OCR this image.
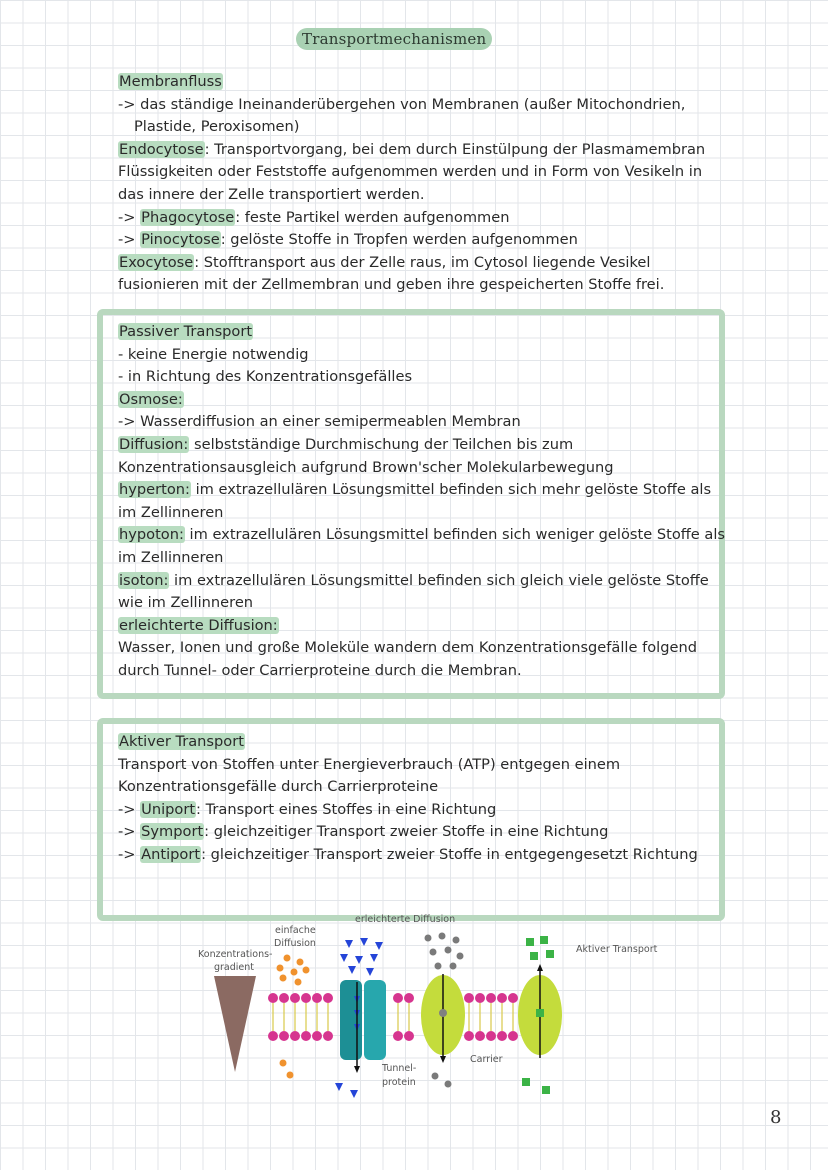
Transportmechanismen
Membranfluss
-> das ständige Ineinanderübergehen von Membranen (außer Mitochondrien,
Plastide, Peroxisomen)
Endocytose: Transportvorgang, bei dem durch Einstülpung der Plasmamembran
Flüssigkeiten oder Feststoffe aufgenommen werden und in Form von Vesikeln in
das innere der Zelle transportiert werden.
-> Phagocytose: feste Partikel werden aufgenommen
-> Pinocytose: gelöste Stoffe in Tropfen werden aufgenommen
Exocytose: Stofftransport aus der Zelle raus, im Cytosol liegende Vesikel
fusionieren mit der Zellmembran und geben ihre gespeicherten Stoffe frei.
Passiver Transport
- keine Energie notwendig
- in Richtung des Konzentrationsgefälles
Osmose:
-> Wasserdiffusion an einer semipermeablen Membran
Diffusion: selbstständige Durchmischung der Teilchen bis zum
Konzentrationsausgleich aufgrund Brown'scher Molekularbewegung
hyperton: im extrazellulären Lösungsmittel befinden sich mehr gelöste Stoffe als
im Zellinneren
hypoton: im extrazellulären Lösungsmittel befinden sich weniger gelöste Stoffe als
im Zellinneren
isoton: im extrazellulären Lösungsmittel befinden sich gleich viele gelöste Stoffe
wie im Zellinneren
erleichterte Diffusion:
Wasser, Ionen und große Moleküle wandern dem Konzentrationsgefälle folgend
durch Tunnel- oder Carrierproteine durch die Membran.
Aktiver Transport
Transport von Stoffen unter Energieverbrauch (ATP) entgegen einem
Konzentrationsgefälle durch Carrierproteine
-> Uniport: Transport eines Stoffes in eine Richtung
-> Symport: gleichzeitiger Transport zweier Stoffe in eine Richtung
-> Antiport: gleichzeitiger Transport zweier Stoffe in entgegengesetzt Richtung
Konzentrations-
gradient
einfache
Diffusion
erleichterte Diffusion
Aktiver Transport
Tunnel-
protein
Carrier
8
